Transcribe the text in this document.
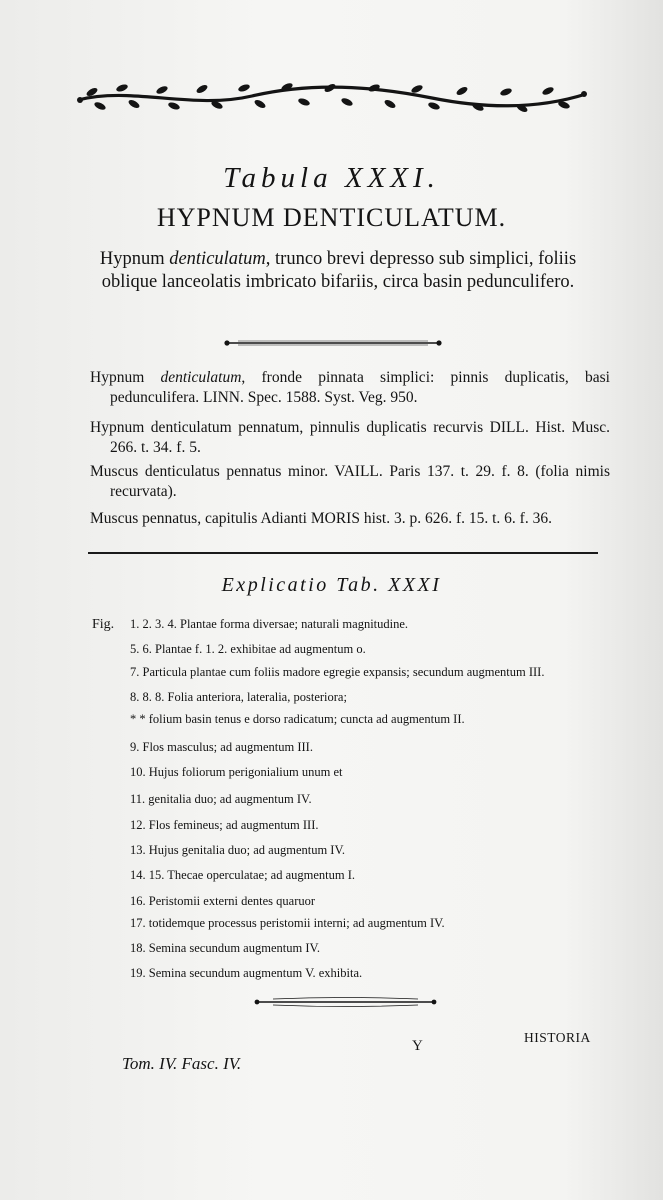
Tabula XXXI.
HYPNUM DENTICULATUM.
Hypnum denticulatum, trunco brevi depresso sub simplici, foliis oblique lanceolatis imbricato bifariis, circa basin pedunculifero.
Hypnum denticulatum, fronde pinnata simplici: pinnis duplicatis, basi pedunculifera. LINN. Spec. 1588. Syst. Veg. 950.
Hypnum denticulatum pennatum, pinnulis duplicatis recurvis DILL. Hist. Musc. 266. t. 34. f. 5.
Muscus denticulatus pennatus minor. VAILL. Paris 137. t. 29. f. 8. (folia nimis recurvata).
Muscus pennatus, capitulis Adianti MORIS hist. 3. p. 626. f. 15. t. 6. f. 36.
Explicatio Tab. XXXI
Fig. 1. 2. 3. 4. Plantae forma diversae; naturali magnitudine.
5. 6. Plantae f. 1. 2. exhibitae ad augmentum o.
7. Particula plantae cum foliis madore egregie expansis; secundum augmentum III.
8. 8. 8. Folia anteriora, lateralia, posteriora;
* * folium basin tenus e dorso radicatum; cuncta ad augmentum II.
9. Flos masculus; ad augmentum III.
10. Hujus foliorum perigonialium unum et
11. genitalia duo; ad augmentum IV.
12. Flos femineus; ad augmentum III.
13. Hujus genitalia duo; ad augmentum IV.
14. 15. Thecae operculatae; ad augmentum I.
16. Peristomii externi dentes quaruor
17. totidemque processus peristomii interni; ad augmentum IV.
18. Semina secundum augmentum IV.
19. Semina secundum augmentum V. exhibita.
Tom. IV. Fasc. IV.
Y
HISTORIA
